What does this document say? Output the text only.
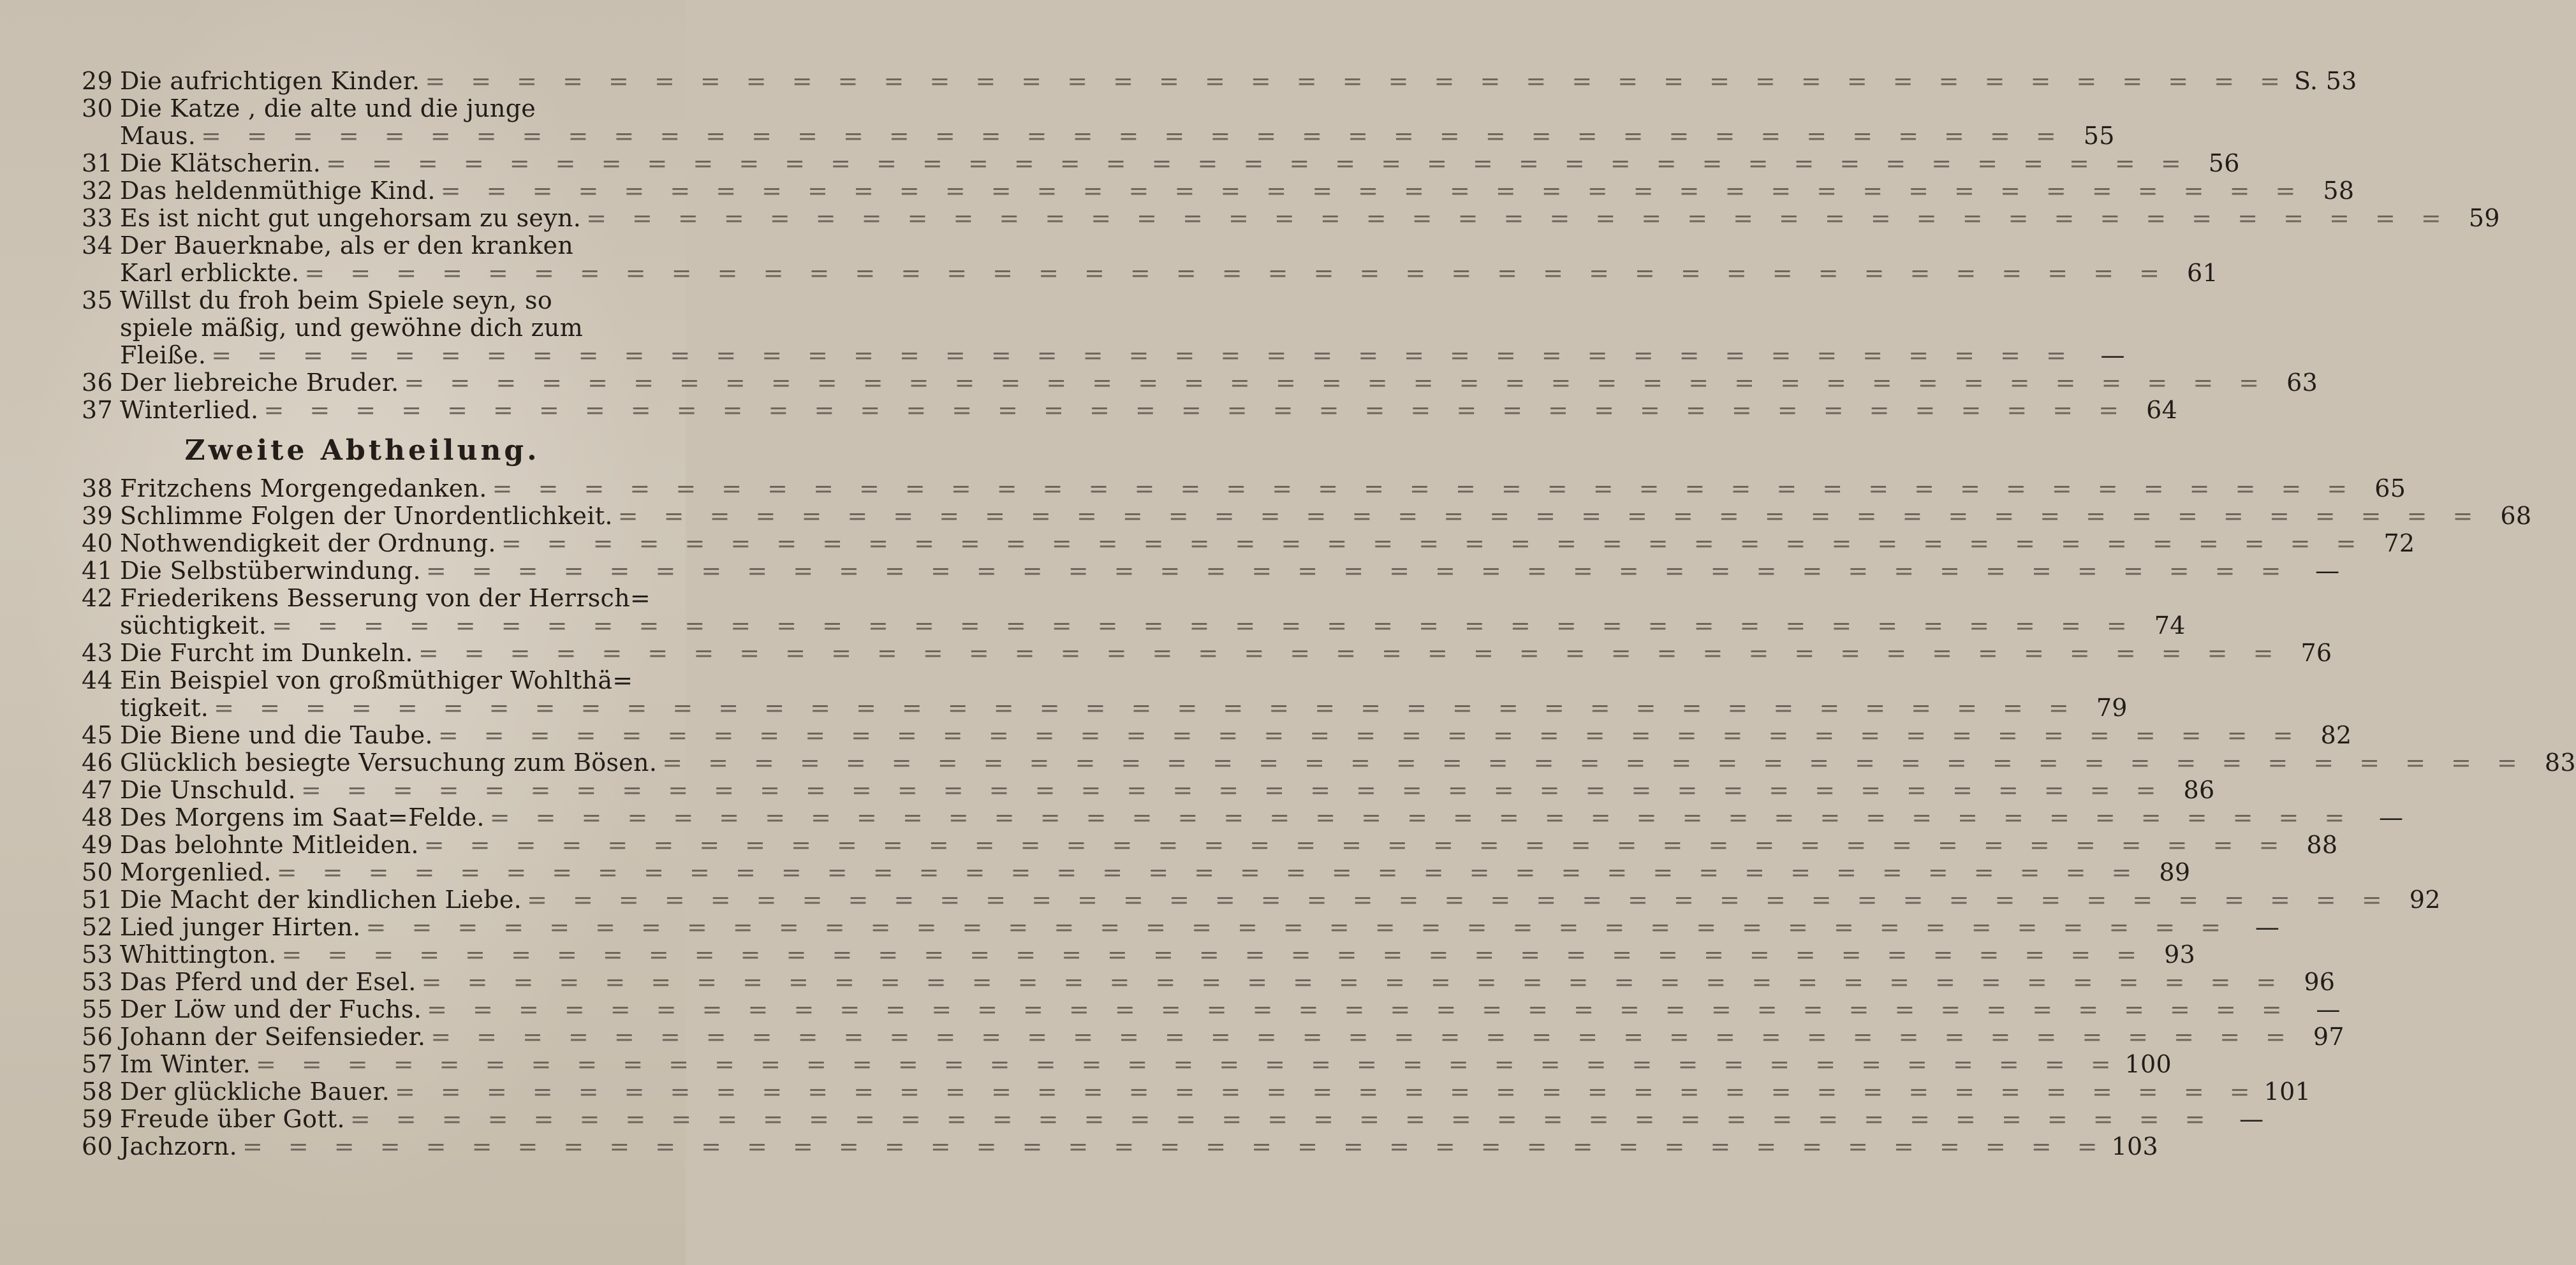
29 Die aufrichtigen Kinder. = = =	S. 53
30 Die Katze , die alte und die junge
Maus. = = =	55
31 Die Klätscherin. = = =	56
32 Das heldenmüthige Kind. = = =	58
33 Es ist nicht gut ungehorsam zu seyn. = = =	59
34 Der Bauerknabe, als er den kranken
Karl erblickte. = = =	61
35 Willst du froh beim Spiele seyn, so
spiele mäßig, und gewöhne dich zum
Fleiße. = = =	—
36 Der liebreiche Bruder. = = =	63
37 Winterlied. = = =	64
Zweite Abtheilung.
38 Fritzchens Morgengedanken. = = =	65
39 Schlimme Folgen der Unordentlichkeit. = = =	68
40 Nothwendigkeit der Ordnung. = = =	72
41 Die Selbstüberwindung. = = =	—
42 Friederikens Besserung von der Herrsch=
süchtigkeit. = = =	74
43 Die Furcht im Dunkeln. = = =	76
44 Ein Beispiel von großmüthiger Wohlthä=
tigkeit. = = =	79
45 Die Biene und die Taube. = = =	82
46 Glücklich besiegte Versuchung zum Bösen. = = =	83
47 Die Unschuld. = = =	86
48 Des Morgens im Saat=Felde. = = =	—
49 Das belohnte Mitleiden. = = =	88
50 Morgenlied. = = =	89
51 Die Macht der kindlichen Liebe. = = =	92
52 Lied junger Hirten. = = =	—
53 Whittington. = = =	93
53 Das Pferd und der Esel. = = =	96
55 Der Löw und der Fuchs. = = =	—
56 Johann der Seifensieder. = = =	97
57 Im Winter. = = =	100
58 Der glückliche Bauer. = = =	101
59 Freude über Gott. = = =	—
60 Jachzorn. = = =	103
